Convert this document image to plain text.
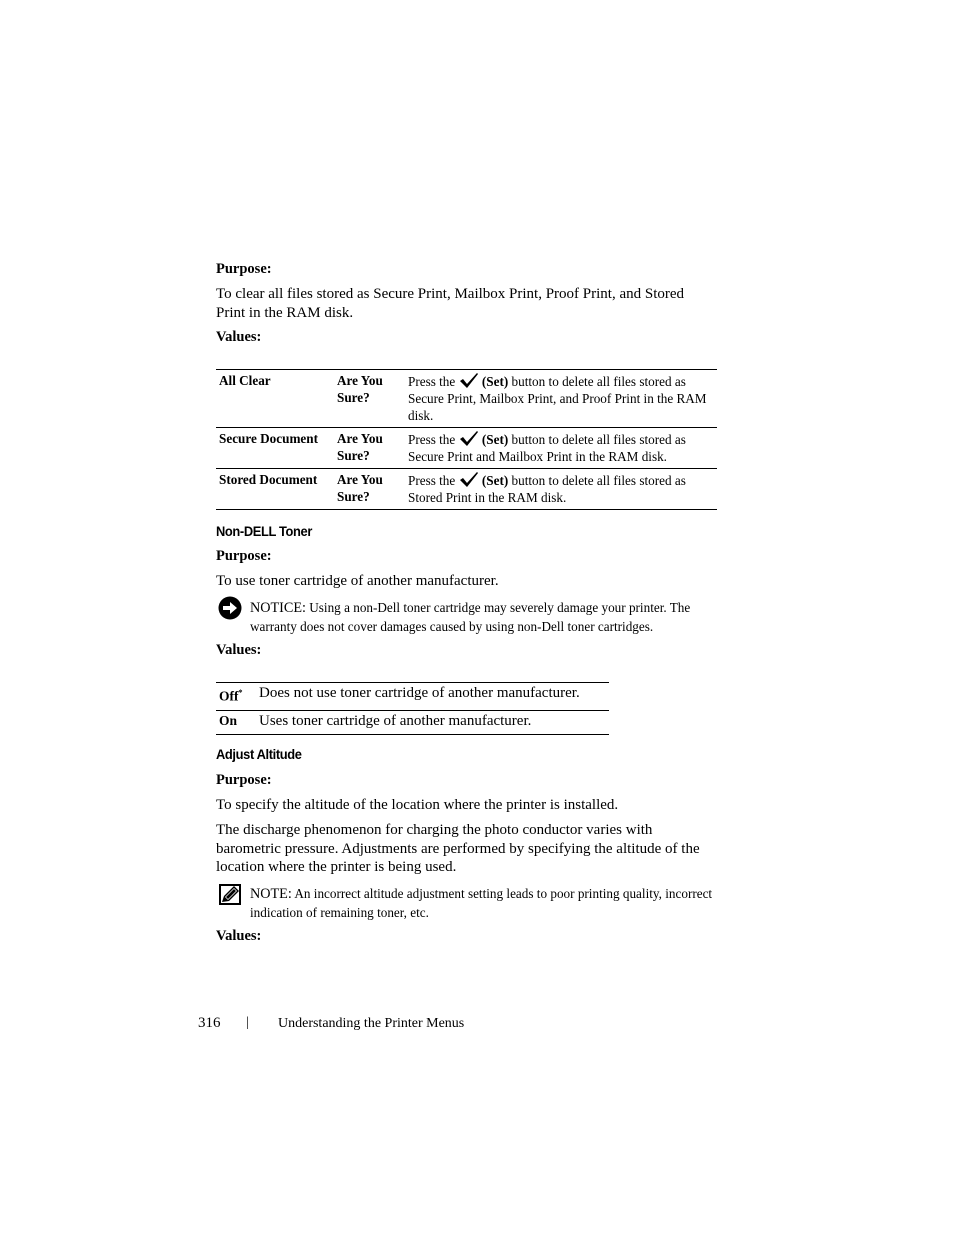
Purpose:
To clear all files stored as Secure Print, Mailbox Print, Proof Print, and Stored Print in the RAM disk.
Values:
All Clear	Are You Sure?	Press the (Set) button to delete all files stored as Secure Print, Mailbox Print, and Proof Print in the RAM disk.
Secure Document	Are You Sure?	Press the (Set) button to delete all files stored as Secure Print and Mailbox Print in the RAM disk.
Stored Document	Are You Sure?	Press the (Set) button to delete all files stored as Stored Print in the RAM disk.
Non-DELL Toner
Purpose:
To use toner cartridge of another manufacturer.
NOTICE: Using a non-Dell toner cartridge may severely damage your printer. The warranty does not cover damages caused by using non-Dell toner cartridges.
Values:
Off*	Does not use toner cartridge of another manufacturer.
On	Uses toner cartridge of another manufacturer.
Adjust Altitude
Purpose:
To specify the altitude of the location where the printer is installed.
The discharge phenomenon for charging the photo conductor varies with barometric pressure. Adjustments are performed by specifying the altitude of the location where the printer is being used.
NOTE: An incorrect altitude adjustment setting leads to poor printing quality, incorrect indication of remaining toner, etc.
Values:
316 | Understanding the Printer Menus
